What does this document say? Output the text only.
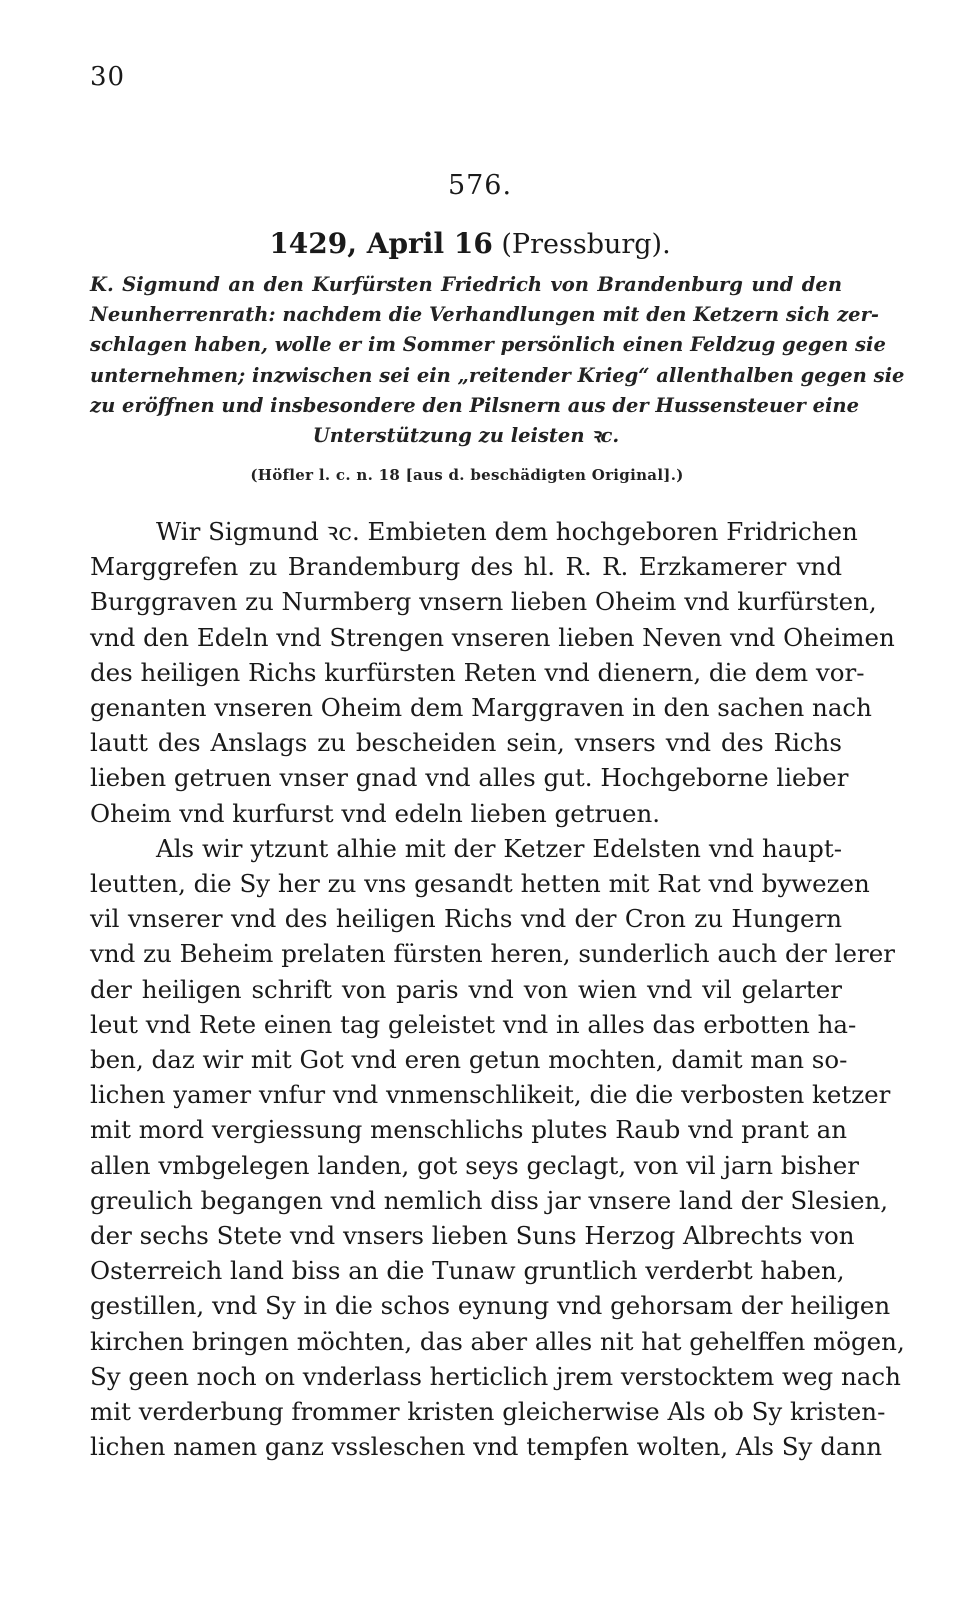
30
576.
1429, April 16 (Pressburg).
K. Sigmund an den Kurfürsten Friedrich von Brandenburg und den
Neunherrenrath: nachdem die Verhandlungen mit den Ketzern sich zer-
schlagen haben, wolle er im Sommer persönlich einen Feldzug gegen sie
unternehmen; inzwischen sei ein „reitender Krieg“ allenthalben gegen sie
zu eröffnen und insbesondere den Pilsnern aus der Hussensteuer eine
Unterstützung zu leisten ꝛc.
(Höfler l. c. n. 18 [aus d. beschädigten Original].)
Wir Sigmund ꝛc. Embieten dem hochgeboren Fridrichen
Marggrefen zu Brandemburg des hl. R. R. Erzkamerer vnd
Burggraven zu Nurmberg vnsern lieben Oheim vnd kurfürsten,
vnd den Edeln vnd Strengen vnseren lieben Neven vnd Oheimen
des heiligen Richs kurfürsten Reten vnd dienern, die dem vor-
genanten vnseren Oheim dem Marggraven in den sachen nach
lautt des Anslags zu bescheiden sein, vnsers vnd des Richs
lieben getruen vnser gnad vnd alles gut. Hochgeborne lieber
Oheim vnd kurfurst vnd edeln lieben getruen.
Als wir ytzunt alhie mit der Ketzer Edelsten vnd haupt-
leutten, die Sy her zu vns gesandt hetten mit Rat vnd bywezen
vil vnserer vnd des heiligen Richs vnd der Cron zu Hungern
vnd zu Beheim prelaten fürsten heren, sunderlich auch der lerer
der heiligen schrift von paris vnd von wien vnd vil gelarter
leut vnd Rete einen tag geleistet vnd in alles das erbotten ha-
ben, daz wir mit Got vnd eren getun mochten, damit man so-
lichen yamer vnfur vnd vnmenschlikeit, die die verbosten ketzer
mit mord vergiessung menschlichs plutes Raub vnd prant an
allen vmbgelegen landen, got seys geclagt, von vil jarn bisher
greulich begangen vnd nemlich diss jar vnsere land der Slesien,
der sechs Stete vnd vnsers lieben Suns Herzog Albrechts von
Osterreich land biss an die Tunaw gruntlich verderbt haben,
gestillen, vnd Sy in die schos eynung vnd gehorsam der heiligen
kirchen bringen möchten, das aber alles nit hat gehelffen mögen,
Sy geen noch on vnderlass herticlich jrem verstocktem weg nach
mit verderbung frommer kristen gleicherwise Als ob Sy kristen-
lichen namen ganz vssleschen vnd tempfen wolten, Als Sy dann
